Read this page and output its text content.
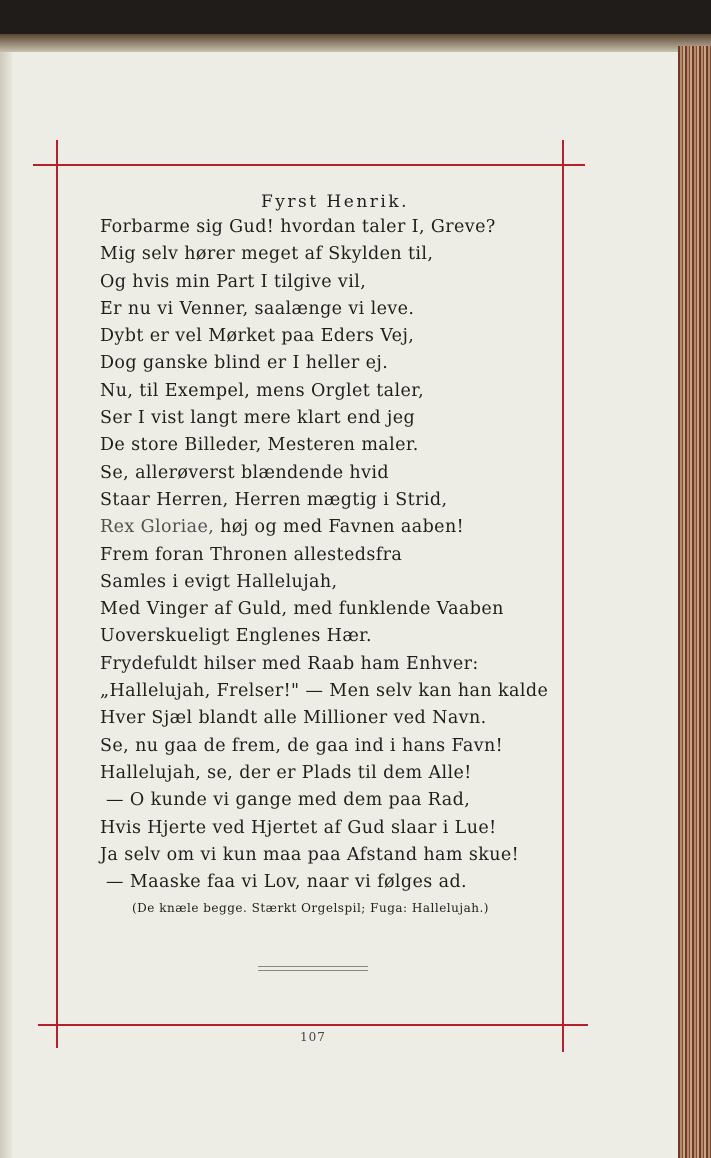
Fyrst Henrik.
Forbarme sig Gud! hvordan taler I, Greve?
Mig selv hører meget af Skylden til,
Og hvis min Part I tilgive vil,
Er nu vi Venner, saalænge vi leve.
Dybt er vel Mørket paa Eders Vej,
Dog ganske blind er I heller ej.
Nu, til Exempel, mens Orglet taler,
Ser I vist langt mere klart end jeg
De store Billeder, Mesteren maler.
Se, allerøverst blændende hvid
Staar Herren, Herren mægtig i Strid,
Rex Gloriae, høj og med Favnen aaben!
Frem foran Thronen allestedsfra
Samles i evigt Hallelujah,
Med Vinger af Guld, med funklende Vaaben
Uoverskueligt Englenes Hær.
Frydefuldt hilser med Raab ham Enhver:
„Hallelujah, Frelser!" — Men selv kan han kalde
Hver Sjæl blandt alle Millioner ved Navn.
Se, nu gaa de frem, de gaa ind i hans Favn!
Hallelujah, se, der er Plads til dem Alle!
— O kunde vi gange med dem paa Rad,
Hvis Hjerte ved Hjertet af Gud slaar i Lue!
Ja selv om vi kun maa paa Afstand ham skue!
— Maaske faa vi Lov, naar vi følges ad.
(De knæle begge. Stærkt Orgelspil; Fuga: Hallelujah.)
107
